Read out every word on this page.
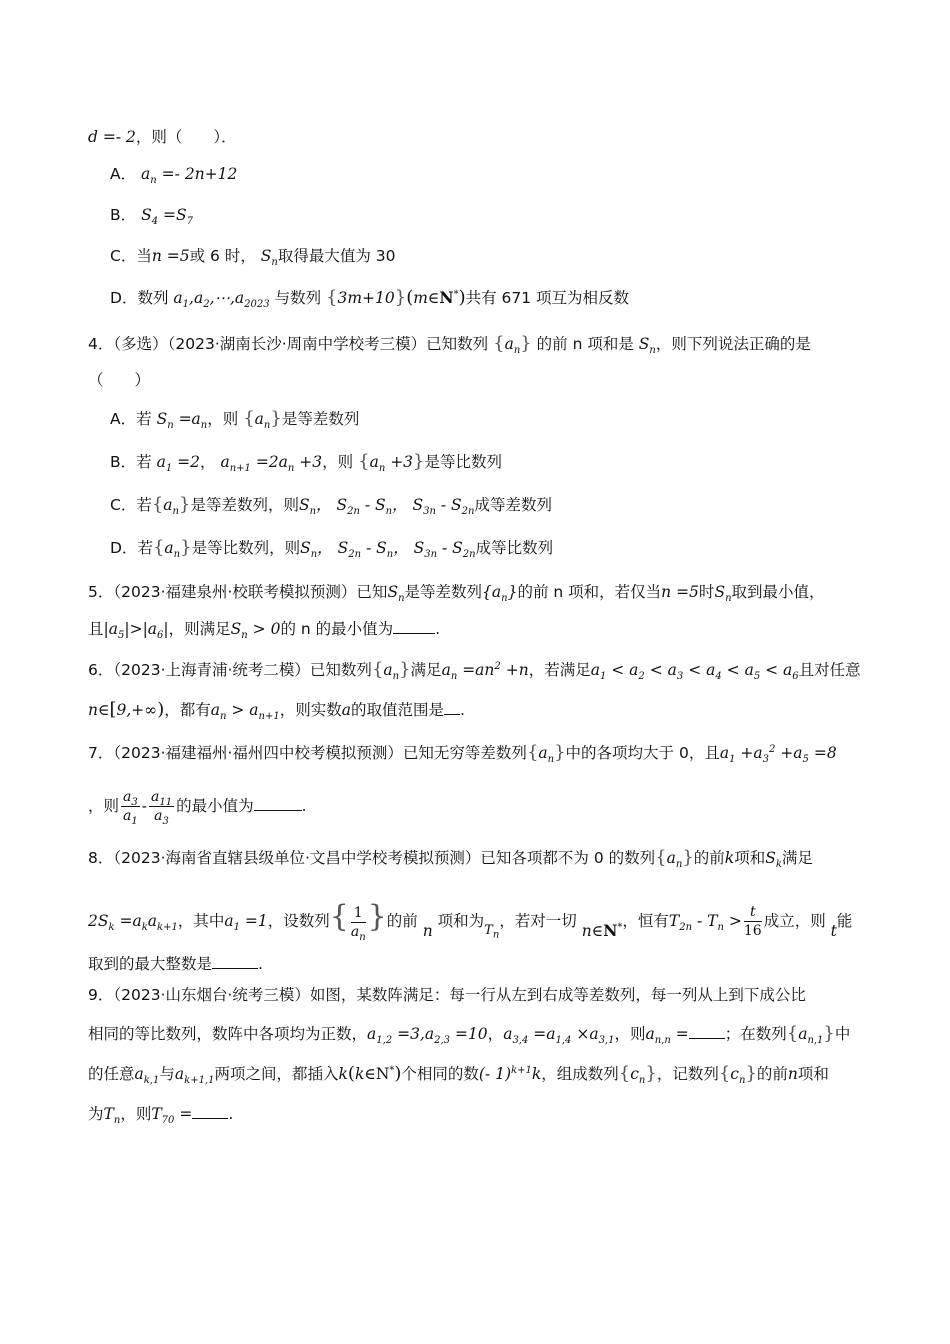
d =- 2，则（　　）．
A． $a_n =- 2n+12$
B． $S_4 =S_7$
C．当n =5或 6 时， $S_n$取得最大值为 30
D．数列 $a_1,a_2,\cdots,a_{2023}$ 与数列 {3m+10}(m∈N*)共有 671 项互为相反数
4．（多选）（2023·湖南长沙·周南中学校考三模）已知数列 $\{a_n\}$ 的前 n 项和是 $S_n$，则下列说法正确的是
（　　）
A．若 $S_n =a_n$，则 $\{a_n\}$是等差数列
B．若 $a_1 =2$， $a_{n+1} =2a_n +3$，则 $\{a_n +3\}$是等比数列
C．若$\{a_n\}$是等差数列，则$S_n$， $S_{2n} - S_n$， $S_{3n} - S_{2n}$成等差数列
D．若$\{a_n\}$是等比数列，则$S_n$， $S_{2n} - S_n$， $S_{3n} - S_{2n}$成等比数列
5．（2023·福建泉州·校联考模拟预测）已知$S_n$是等差数列$\{a_n\}$的前 n 项和，若仅当n =5时$S_n$取到最小值，
且$|a_5|>|a_6|$，则满足$S_n > 0$的 n 的最小值为	.
6．（2023·上海青浦·统考二模）已知数列$\{a_n\}$满足$a_n =an^2 +n$，若满足$a_1 < a_2 < a_3 < a_4 < a_5 < a_6$且对任意
n∈[9,+∞)，都有$a_n > a_{n+1}$，则实数a的取值范围是 .
7．（2023·福建福州·福州四中校考模拟预测）已知无穷等差数列$\{a_n\}$中的各项均大于 0，且$a_1 +a_3^2 +a_5 =8$
，则 $\frac{a_3}{a_1} - \frac{a_{11}}{a_3}$ 的最小值为	.
8．（2023·海南省直辖县级单位·文昌中学校考模拟预测）已知各项都不为 0 的数列$\{a_n\}$的前k项和$S_k$满足
$2S_k =a_ka_{k+1}$，其中$a_1 =1$，设数列{ $\frac{1}{a_n}$ }的前 n 项和为$_{T_n}$，若对一切 n∈N*，恒有$T_{2n} - T_n > \frac{t}{16}$ 成立，则 t能
取到的最大整数是	.
9．（2023·山东烟台·统考三模）如图，某数阵满足：每一行从左到右成等差数列，每一列从上到下成公比
相同的等比数列，数阵中各项均为正数，$a_{1,2} =3,a_{2,3} =10$，$a_{3,4} =a_{1,4} \times a_{3,1}$，则$a_{n,n}$ = ；在数列$\{a_{n,1}\}$中
的任意$a_{k,1}$与$a_{k+1,1}$两项之间，都插入k(k∈N*)个相同的数(- 1)$^{k+1}$k，组成数列$\{c_n\}$，记数列$\{c_n\}$的前n项和
为$T_n$，则$T_{70}$ = .
